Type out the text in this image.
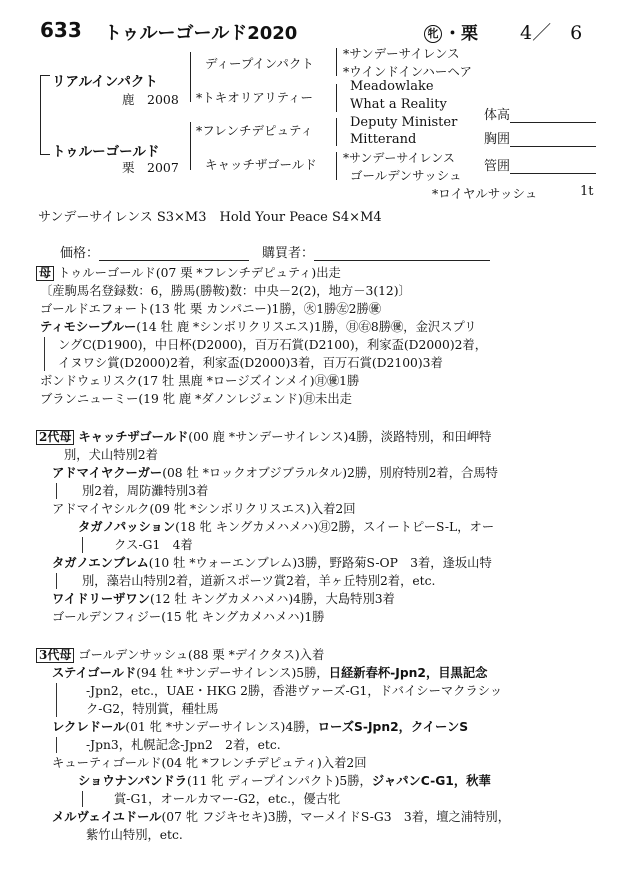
633 トゥルーゴールド2020	牝 ・栗 4／　6
リアルインパクト
鹿　2008
トゥルーゴールド
栗　2007
ディープインパクト
*トキオリアリティー
*フレンチデピュティ
キャッチザゴールド
*サンデーサイレンス
*ウインドインハーヘア
Meadowlake
What a Reality
Deputy Minister
Mitterand
*サンデーサイレンス
ゴールデンサッシュ
体高
胸囲
管囲
*ロイヤルサッシュ	1t
サンデーサイレンス S3×M3　Hold Your Peace S4×M4
価格：	購買者：
母 トゥルーゴールド(07 栗 *フレンチデピュティ)出走
〔産駒馬名登録数：6，勝馬(勝鞍)数：中央－2(2)，地方－3(12)〕
ゴールドエフォート(13 牝 栗 カンパニー)1勝，㊋1勝㊧2勝㊝
ティモシーブルー(14 牡 鹿 *シンボリクリスエス)1勝，㊊㊨8勝㊝，金沢スプリ
ングC(D1900)，中日杯(D2000)，百万石賞(D2100)，利家盃(D2000)2着，
イヌワシ賞(D2000)2着，利家盃(D2000)3着，百万石賞(D2100)3着
ボンドウェリスク(17 牡 黒鹿 *ロージズインメイ)㊊㊝1勝
ブランニューミー(19 牝 鹿 *ダノンレジェンド)㊊未出走
2代母 キャッチザゴールド(00 鹿 *サンデーサイレンス)4勝，淡路特別，和田岬特
別，犬山特別2着
アドマイヤクーガー(08 牡 *ロックオブジブラルタル)2勝，別府特別2着，合馬特
別2着，周防灘特別3着
アドマイヤシルク(09 牝 *シンボリクリスエス)入着2回
タガノパッション(18 牝 キングカメハメハ)㊊2勝，スイートピーS-L，オー
クス-G1　4着
タガノエンブレム(10 牡 *ウォーエンブレム)3勝，野路菊S-OP　3着，逢坂山特
別，藻岩山特別2着，道新スポーツ賞2着，羊ヶ丘特別2着，etc.
ワイドリーザワン(12 牡 キングカメハメハ)4勝，大島特別3着
ゴールデンフィジー(15 牝 キングカメハメハ)1勝
3代母 ゴールデンサッシュ(88 栗 *デイクタス)入着
ステイゴールド(94 牡 *サンデーサイレンス)5勝，日経新春杯-Jpn2，目黒記念
-Jpn2，etc.，UAE・HKG 2勝，香港ヴァーズ-G1，ドバイシーマクラシッ
ク-G2，特別賞，種牡馬
レクレドール(01 牝 *サンデーサイレンス)4勝，ローズS-Jpn2，クイーンS
-Jpn3，札幌記念-Jpn2　2着，etc.
キューティゴールド(04 牝 *フレンチデピュティ)入着2回
ショウナンパンドラ(11 牝 ディープインパクト)5勝，ジャパンC-G1，秋華
賞-G1，オールカマー-G2，etc.，優古牝
メルヴェイユドール(07 牝 フジキセキ)3勝，マーメイドS-G3　3着，壇之浦特別，
紫竹山特別，etc.
